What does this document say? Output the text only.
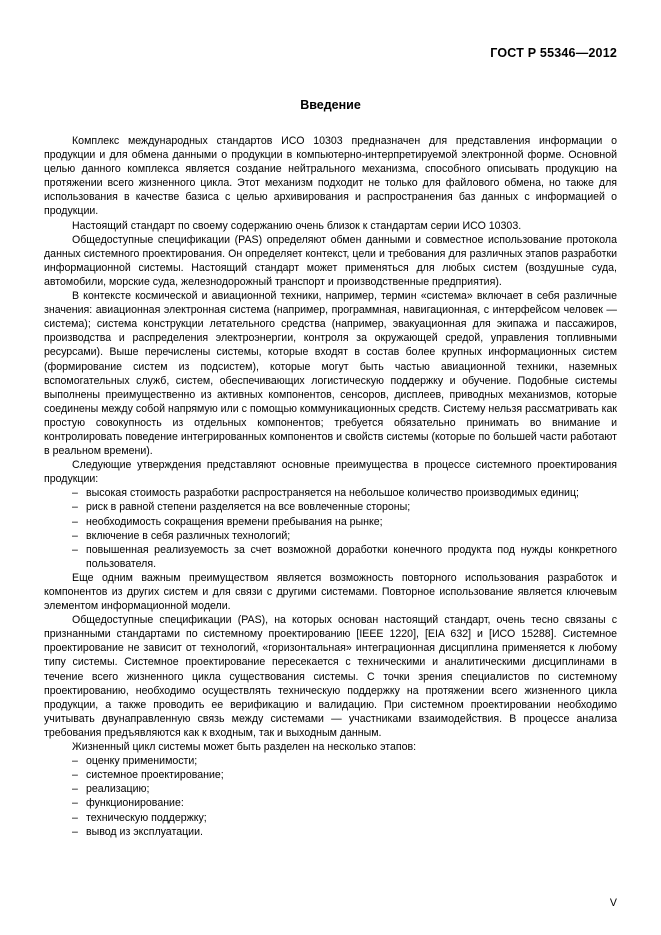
ГОСТ Р 55346—2012
Введение

Комплекс международных стандартов ИСО 10303 предназначен для представления информации о продукции и для обмена данными о продукции в компьютерно-интерпретируемой электронной форме. Основной целью данного комплекса является создание нейтрального механизма, способного описывать продукцию на протяжении всего жизненного цикла. Этот механизм подходит не только для файлового обмена, но также для использования в качестве базиса с целью архивирования и распространения баз данных с информацией о продукции.

Настоящий стандарт по своему содержанию очень близок к стандартам серии ИСО 10303.

Общедоступные спецификации (PAS) определяют обмен данными и совместное использование протокола данных системного проектирования. Он определяет контекст, цели и требования для различных этапов разработки информационной системы. Настоящий стандарт может применяться для любых систем (воздушные суда, автомобили, морские суда, железнодорожный транспорт и производственные предприятия).

В контексте космической и авиационной техники, например, термин «система» включает в себя различные значения: авиационная электронная система (например, программная, навигационная, с интерфейсом человек — система); система конструкции летательного средства (например, эвакуационная для экипажа и пассажиров, производства и распределения электроэнергии, контроля за окружающей средой, управления топливными ресурсами). Выше перечислены системы, которые входят в состав более крупных информационных систем (формирование систем из подсистем), которые могут быть частью авиационной техники, наземных вспомогательных служб, систем, обеспечивающих логистическую поддержку и обучение. Подобные системы выполнены преимущественно из активных компонентов, сенсоров, дисплеев, приводных механизмов, которые соединены между собой напрямую или с помощью коммуникационных средств. Систему нельзя рассматривать как простую совокупность из отдельных компонентов; требуется обязательно принимать во внимание и контролировать поведение интегрированных компонентов и свойств системы (которые по большей части работают в реальном времени).

Следующие утверждения представляют основные преимущества в процессе системного проектирования продукции:

– высокая стоимость разработки распространяется на небольшое количество производимых единиц;
– риск в равной степени разделяется на все вовлеченные стороны;
– необходимость сокращения времени пребывания на рынке;
– включение в себя различных технологий;
– повышенная реализуемость за счет возможной доработки конечного продукта под нужды конкретного пользователя.

Еще одним важным преимуществом является возможность повторного использования разработок и компонентов из других систем и для связи с другими системами. Повторное использование является ключевым элементом информационной модели.

Общедоступные спецификации (PAS), на которых основан настоящий стандарт, очень тесно связаны с признанными стандартами по системному проектированию [IEEE 1220], [EIA 632] и [ИСО 15288]. Системное проектирование не зависит от технологий, «горизонтальная» интеграционная дисциплина применяется к любому типу системы. Системное проектирование пересекается с техническими и аналитическими дисциплинами в течение всего жизненного цикла существования системы. С точки зрения специалистов по системному проектированию, необходимо осуществлять техническую поддержку на протяжении всего жизненного цикла продукции, а также проводить ее верификацию и валидацию. При системном проектировании необходимо учитывать двунаправленную связь между системами — участниками взаимодействия. В процессе анализа требования предъявляются как к входным, так и выходным данным.

Жизненный цикл системы может быть разделен на несколько этапов:

– оценку применимости;
– системное проектирование;
– реализацию;
– функционирование:
– техническую поддержку;
– вывод из эксплуатации.
V
